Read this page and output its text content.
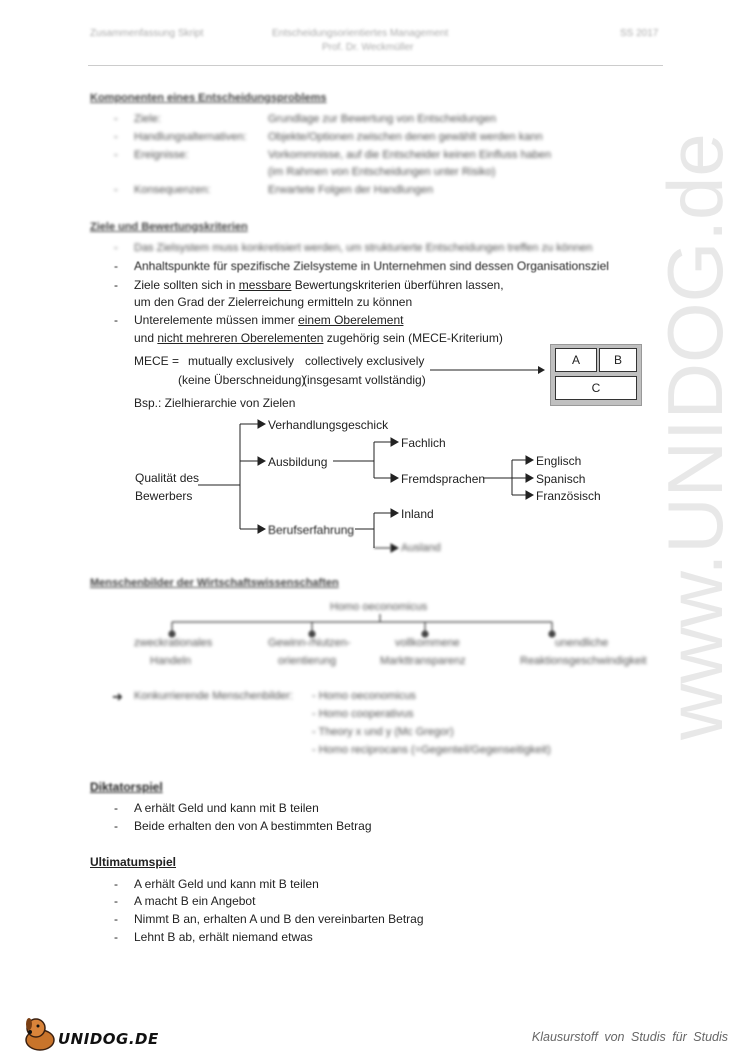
Zusammenfassung Skript	Entscheidungsorientiertes Management
Prof. Dr. Weckmüller
SS 2017
www.UNIDOG.de
Komponenten eines Entscheidungsproblems
- Ziele:	Grundlage zur Bewertung von Entscheidungen
- Handlungsalternativen: Objekte/Optionen zwischen denen gewählt werden kann
- Ereignisse:	Vorkommnisse, auf die Entscheider keinen Einfluss haben
(im Rahmen von Entscheidungen unter Risiko)
- Konsequenzen:	Erwartete Folgen der Handlungen
Ziele und Bewertungskriterien
- Das Zielsystem muss konkretisiert werden, um strukturierte Entscheidungen treffen zu können
- Anhaltspunkte für spezifische Zielsysteme in Unternehmen sind dessen Organisationsziel
- Ziele sollten sich in messbare Bewertungskriterien überführen lassen,
um den Grad der Zielerreichung ermitteln zu können
- Unterelemente müssen immer einem Oberelement
und nicht mehreren Oberelementen zugehörig sein (MECE-Kriterium)
MECE = mutually exclusively collectively exclusively
(keine Überschneidung)
(insgesamt vollständig)
A	B
C
Bsp.: Zielhierarchie von Zielen
Qualität des
Bewerbers
Verhandlungsgeschick
Ausbildung
Berufserfahrung
Fachlich
Fremdsprachen
Englisch
Spanisch
Französisch
Inland
Ausland
Menschenbilder der Wirtschaftswissenschaften
Homo oeconomicus
zweckrationales
Handeln
Gewinn-/Nutzen-
orientierung
vollkommene
Markttransparenz
unendliche
Reaktionsgeschwindigkeit
➜ Konkurrierende Menschenbilder: - Homo oeconomicus
- Homo cooperativus
- Theory x und y (Mc Gregor)
- Homo reciprocans (=Gegenteil/Gegenseitigkeit)
Diktatorspiel
- A erhält Geld und kann mit B teilen
- Beide erhalten den von A bestimmten Betrag
Ultimatumspiel
- A erhält Geld und kann mit B teilen
- A macht B ein Angebot
- Nimmt B an, erhalten A und B den vereinbarten Betrag
- Lehnt B ab, erhält niemand etwas
UNIDOG.DE	Klausurstoff von Studis für Studis
